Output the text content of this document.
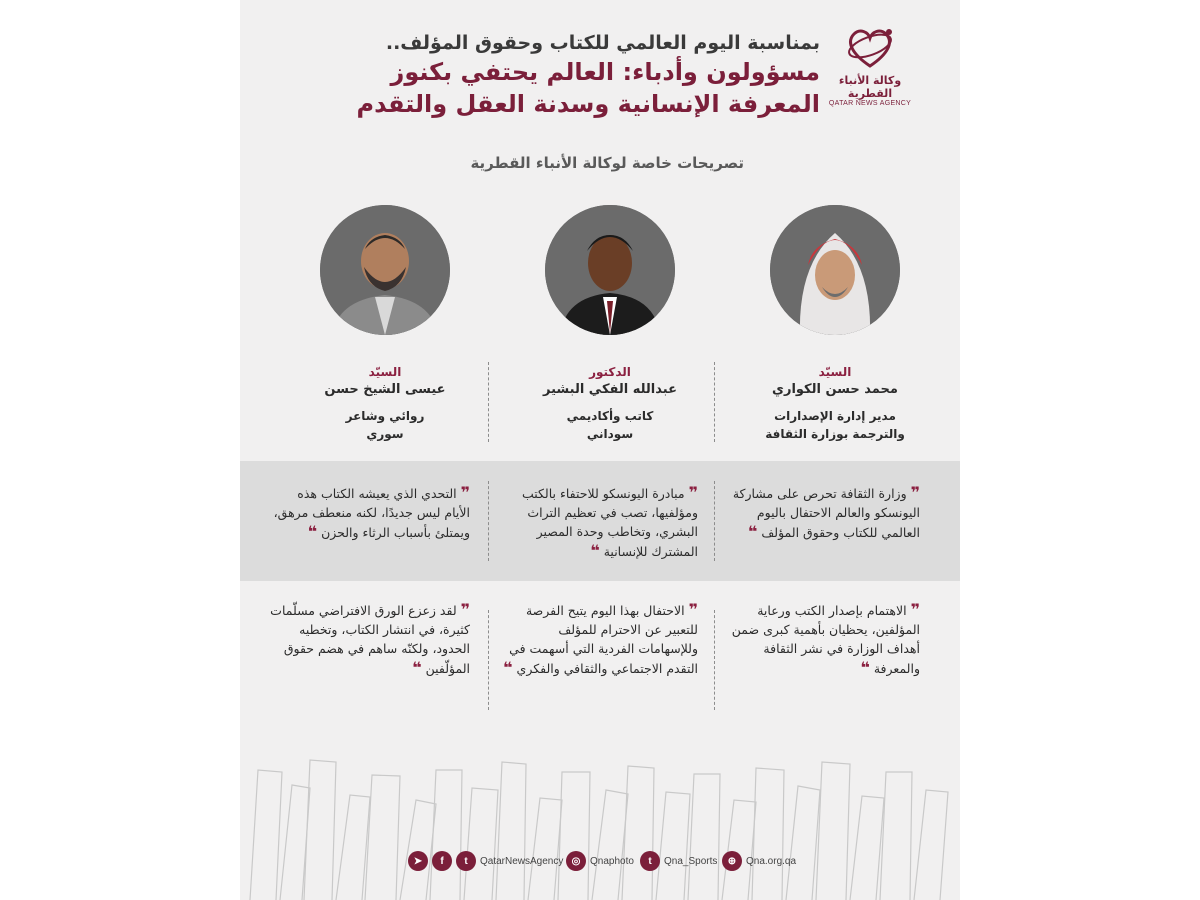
وكالة الأنباء القطرية
QATAR NEWS AGENCY
بمناسبة اليوم العالمي للكتاب وحقوق المؤلف..
مسؤولون وأدباء: العالم يحتفي بكنوز
المعرفة الإنسانية وسدنة العقل والتقدم
تصريحات خاصة لوكالة الأنباء القطرية
السيّد
محمد حسن الكواري
مدير إدارة الإصدارات
والترجمة بوزارة الثقافة
الدكتور
عبدالله الفكي البشير
كاتب وأكاديمي
سوداني
السيّد
عيسى الشيخ حسن
روائي وشاعر
سوري
❞ وزارة الثقافة تحرص على مشاركة اليونسكو والعالم الاحتفال باليوم العالمي للكتاب وحقوق المؤلف ❝
❞ مبادرة اليونسكو للاحتفاء بالكتب ومؤلفيها، تصب في تعظيم التراث البشري، وتخاطب وحدة المصير المشترك للإنسانية ❝
❞ التحدي الذي يعيشه الكتاب هذه الأيام ليس جديدًا، لكنه منعطف مرهق، ويمتلئ بأسباب الرثاء والحزن ❝
❞ الاهتمام بإصدار الكتب ورعاية المؤلفين، يحظيان بأهمية كبرى ضمن أهداف الوزارة في نشر الثقافة والمعرفة ❝
❞ الاحتفال بهذا اليوم يتيح الفرصة للتعبير عن الاحترام للمؤلف وللإسهامات الفردية التي أسهمت في التقدم الاجتماعي والثقافي والفكري ❝
❞ لقد زعزع الورق الافتراضي مسلّمات كثيرة، في انتشار الكتاب، وتخطيه الحدود، ولكنّه ساهم في هضم حقوق المؤلّفين ❝
➤	f	t	QatarNewsAgency ◎ Qnaphoto	t	Qna_Sports	⊕ Qna.org.qa
